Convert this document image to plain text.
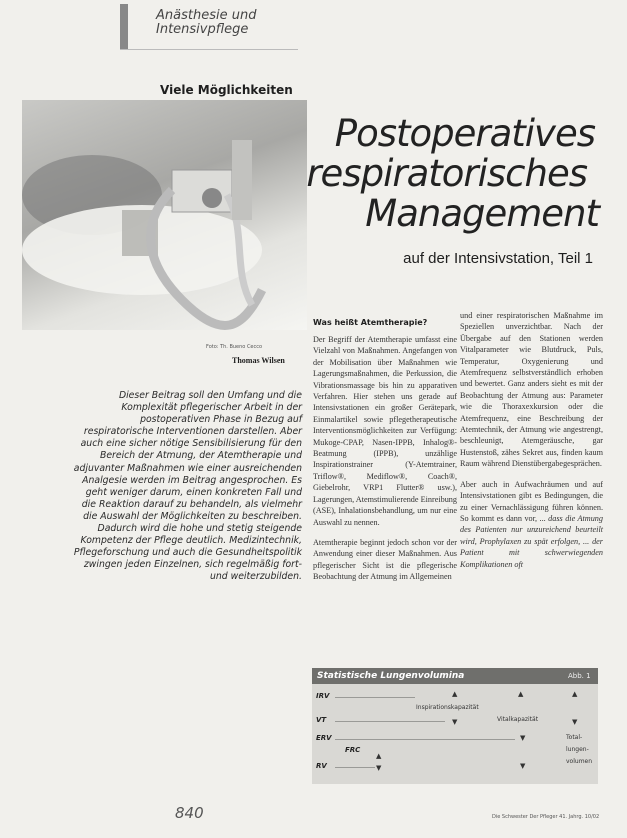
Anästhesie und
Intensivpflege
Viele Möglichkeiten
Postoperatives
respiratorisches
Management
auf der Intensivstation, Teil 1
Foto: Th. Bueno Cecco
Thomas Wilsen
Dieser Beitrag soll den Umfang und die Komplexität pflegerischer Arbeit in der postoperativen Phase in Bezug auf respiratorische Interventionen darstellen. Aber auch eine sicher nötige Sensibilisierung für den Bereich der Atmung, der Atemtherapie und adjuvanter Maßnahmen wie einer ausreichenden Analgesie werden im Beitrag angesprochen. Es geht weniger darum, einen konkreten Fall und die Reaktion darauf zu behandeln, als vielmehr die Auswahl der Möglichkeiten zu beschreiben. Dadurch wird die hohe und stetig steigende Kompetenz der Pflege deutlich. Medizintechnik, Pflegeforschung und auch die Gesundheitspolitik zwingen jeden Einzelnen, sich regelmäßig fort- und weiterzubilden.
Was heißt Atemtherapie?

Der Begriff der Atemtherapie umfasst eine Vielzahl von Maßnahmen. Angefangen von der Mobilisation über Maßnahmen wie Lagerungsmaßnahmen, die Perkussion, die Vibrationsmassage bis hin zu apparativen Verfahren. Hier stehen uns gerade auf Intensivstationen ein großer Gerätepark, Einmalartikel sowie pflegetherapeutische Interventionsmöglichkeiten zur Verfügung: Mukoge-CPAP, Nasen-IPPB, Inhalog®-Beatmung (IPPB), unzählige Inspirationstrainer (Y-Atemtrainer, Triflow®, Mediflow®, Coach®, Giebelrohr, VRP1 Flutter® usw.), Lagerungen, Atemstimulierende Einreibung (ASE), Inhalationsbehandlung, um nur eine Auswahl zu nennen.

Atemtherapie beginnt jedoch schon vor der Anwendung einer dieser Maßnahmen. Aus pflegerischer Sicht ist die pflegerische Beobachtung der Atmung im Allgemeinen

und einer respiratorischen Maßnahme im Speziellen unverzichtbar. Nach der Übergabe auf den Stationen werden Vitalparameter wie Blutdruck, Puls, Temperatur, Oxygenierung und Atemfrequenz selbstverständlich erhoben und bewertet. Ganz anders sieht es mit der Beobachtung der Atmung aus: Parameter wie die Thoraxexkursion oder die Atemfrequenz, eine Beschreibung der Atemtechnik, der Atmung wie angestrengt, beschleunigt, Atemgeräusche, gar Hustenstoß, zähes Sekret aus, finden kaum Raum während Dienstübergabegesprächen.

Aber auch in Aufwachräumen und auf Intensivstationen gibt es Bedingungen, die zu einer Vernachlässigung führen können. So kommt es dann vor, ... dass die Atmung des Patienten nur unzureichend beurteilt wird, Prophylaxen zu spät erfolgen, ... der Patient mit schwerwiegenden Komplikationen oft

Statistische Lungenvolumina	Abb. 1
IRV
VT
ERV
FRC
RV
Inspirationskapazität
Vitalkapazität
Total-
lungen-
volumen
▲	▲	▲
▼	▼
▼
▲
▼
▼
840	Die Schwester Der Pfleger 41. Jahrg. 10/02
